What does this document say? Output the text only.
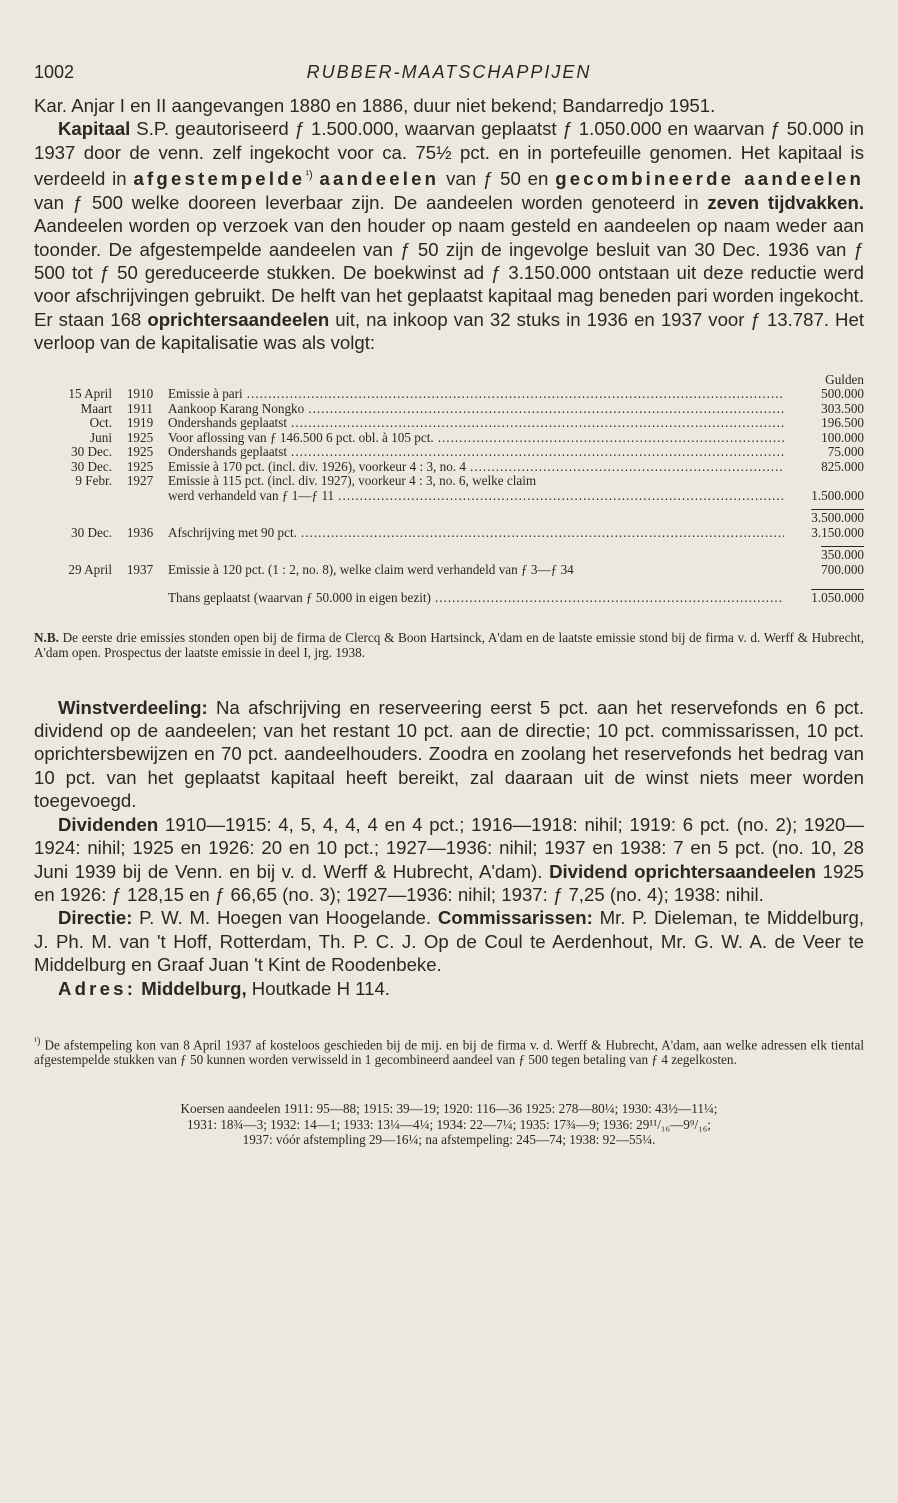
1002	RUBBER-MAATSCHAPPIJEN

Kar. Anjar I en II aangevangen 1880 en 1886, duur niet bekend; Bandarredjo 1951.

Kapitaal S.P. geautoriseerd ƒ 1.500.000, waarvan geplaatst ƒ 1.050.000 en waarvan ƒ 50.000 in 1937 door de venn. zelf ingekocht voor ca. 75½ pct. en in portefeuille genomen. Het kapitaal is verdeeld in afgestempelde$^{^1)}$ aandeelen van ƒ 50 en gecombineerde aandeelen van ƒ 500 welke dooreen leverbaar zijn. De aandeelen worden genoteerd in zeven tijdvakken. Aandeelen worden op verzoek van den houder op naam gesteld en aandeelen op naam weder aan toonder. De afgestempelde aandeelen van ƒ 50 zijn de ingevolge besluit van 30 Dec. 1936 van ƒ 500 tot ƒ 50 gereduceerde stukken. De boekwinst ad ƒ 3.150.000 ontstaan uit deze reductie werd voor afschrijvingen gebruikt. De helft van het geplaatst kapitaal mag beneden pari worden ingekocht. Er staan 168 oprichtersaandeelen uit, na inkoop van 32 stuks in 1936 en 1937 voor ƒ 13.787. Het verloop van de kapitalisatie was als volgt:

Gulden
15 April	1910	Emissie à pari .....	500.000
Maart	1911	Aankoop Karang Nongko .....	303.500
Oct.	1919	Ondershands geplaatst .....	196.500
Juni	1925	Voor aflossing van ƒ 146.500 6 pct. obl. à 105 pct. .....	100.000
30 Dec.	1925	Ondershands geplaatst .....	75.000
30 Dec.	1925	Emissie à 170 pct. (incl. div. 1926), voorkeur 4 : 3, no. 4 .....	825.000
9 Febr.	1927	Emissie à 115 pct. (incl. div. 1927), voorkeur 4 : 3, no. 6, welke claim
werd verhandeld van ƒ 1—ƒ 11 .....	1.500.000
3.500.000
30 Dec.	1936	Afschrijving met 90 pct. .....	3.150.000
350.000
29 April	1937	Emissie à 120 pct. (1 : 2, no. 8), welke claim werd verhandeld van ƒ 3—ƒ 34	700.000
Thans geplaatst (waarvan ƒ 50.000 in eigen bezit) .....	1.050.000

N.B. De eerste drie emissies stonden open bij de firma de Clercq & Boon Hartsinck, A'dam en de laatste emissie stond bij de firma v. d. Werff & Hubrecht, A'dam open. Prospectus der laatste emissie in deel I, jrg. 1938.

Winstverdeeling: Na afschrijving en reserveering eerst 5 pct. aan het reservefonds en 6 pct. dividend op de aandeelen; van het restant 10 pct. aan de directie; 10 pct. commissarissen, 10 pct. oprichtersbewijzen en 70 pct. aandeelhouders. Zoodra en zoolang het reservefonds het bedrag van 10 pct. van het geplaatst kapitaal heeft bereikt, zal daaraan uit de winst niets meer worden toegevoegd.

Dividenden 1910—1915: 4, 5, 4, 4, 4 en 4 pct.; 1916—1918: nihil; 1919: 6 pct. (no. 2); 1920—1924: nihil; 1925 en 1926: 20 en 10 pct.; 1927—1936: nihil; 1937 en 1938: 7 en 5 pct. (no. 10, 28 Juni 1939 bij de Venn. en bij v. d. Werff & Hubrecht, A'dam). Dividend oprichtersaandeelen 1925 en 1926: ƒ 128,15 en ƒ 66,65 (no. 3); 1927—1936: nihil; 1937: ƒ 7,25 (no. 4); 1938: nihil.

Directie: P. W. M. Hoegen van Hoogelande. Commissarissen: Mr. P. Dieleman, te Middelburg, J. Ph. M. van 't Hoff, Rotterdam, Th. P. C. J. Op de Coul te Aerdenhout, Mr. G. W. A. de Veer te Middelburg en Graaf Juan 't Kint de Roodenbeke.

Adres: Middelburg, Houtkade H 114.

$^{^1)}$ De afstempeling kon van 8 April 1937 af kosteloos geschieden bij de mij. en bij de firma v. d. Werff & Hubrecht, A'dam, aan welke adressen elk tiental afgestempelde stukken van ƒ 50 kunnen worden verwisseld in 1 gecombineerd aandeel van ƒ 500 tegen betaling van ƒ 4 zegelkosten.

Koersen aandeelen 1911: 95—88; 1915: 39—19; 1920: 116—36 1925: 278—80¼; 1930: 43½—11¼;
1931: 18¾—3; 1932: 14—1; 1933: 13¼—4¼; 1934: 22—7¼; 1935: 17¾—9; 1936: 29¹¹/₁₆—9⁹/₁₆;
1937: vóór afstempling 29—16¼; na afstempeling: 245—74; 1938: 92—55¼.
